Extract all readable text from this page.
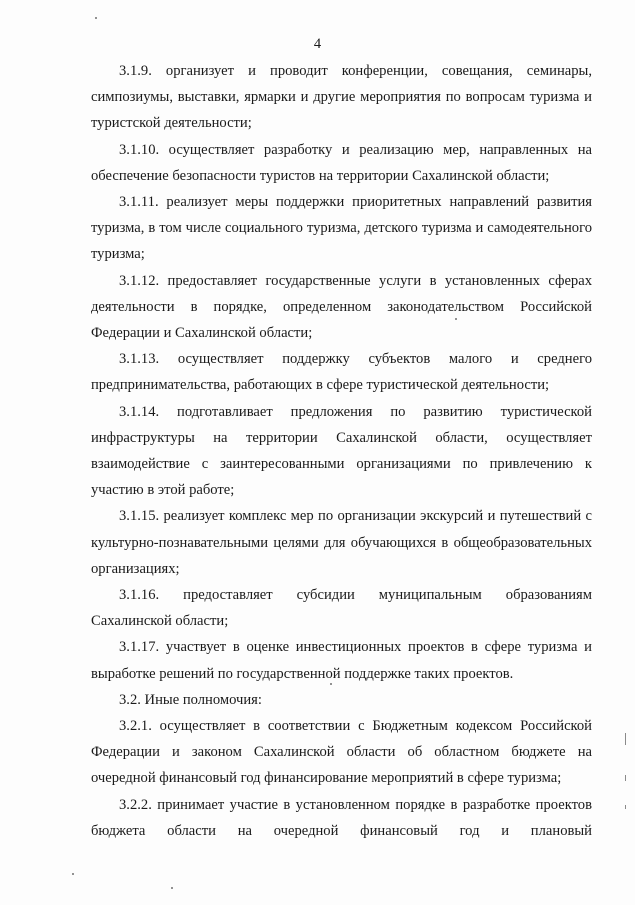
4

3.1.9. организует и проводит конференции, совещания, семинары, симпозиумы, выставки, ярмарки и другие мероприятия по вопросам туризма и туристской деятельности;

3.1.10. осуществляет разработку и реализацию мер, направленных на обеспечение безопасности туристов на территории Сахалинской области;

3.1.11. реализует меры поддержки приоритетных направлений развития туризма, в том числе социального туризма, детского туризма и самодеятельного туризма;

3.1.12. предоставляет государственные услуги в установленных сферах деятельности в порядке, определенном законодательством Российской Федерации и Сахалинской области;

3.1.13. осуществляет поддержку субъектов малого и среднего предпринимательства, работающих в сфере туристической деятельности;

3.1.14. подготавливает предложения по развитию туристической инфраструктуры на территории Сахалинской области, осуществляет взаимодействие с заинтересованными организациями по привлечению к участию в этой работе;

3.1.15. реализует комплекс мер по организации экскурсий и путешествий с культурно-познавательными целями для обучающихся в общеобразовательных организациях;

3.1.16. предоставляет субсидии муниципальным образованиям Сахалинской области;

3.1.17. участвует в оценке инвестиционных проектов в сфере туризма и выработке решений по государственной поддержке таких проектов.

3.2. Иные полномочия:

3.2.1. осуществляет в соответствии с Бюджетным кодексом Российской Федерации и законом Сахалинской области об областном бюджете на очередной финансовый год финансирование мероприятий в сфере туризма;

3.2.2. принимает участие в установленном порядке в разработке проектов бюджета области на очередной финансовый год и плановый
